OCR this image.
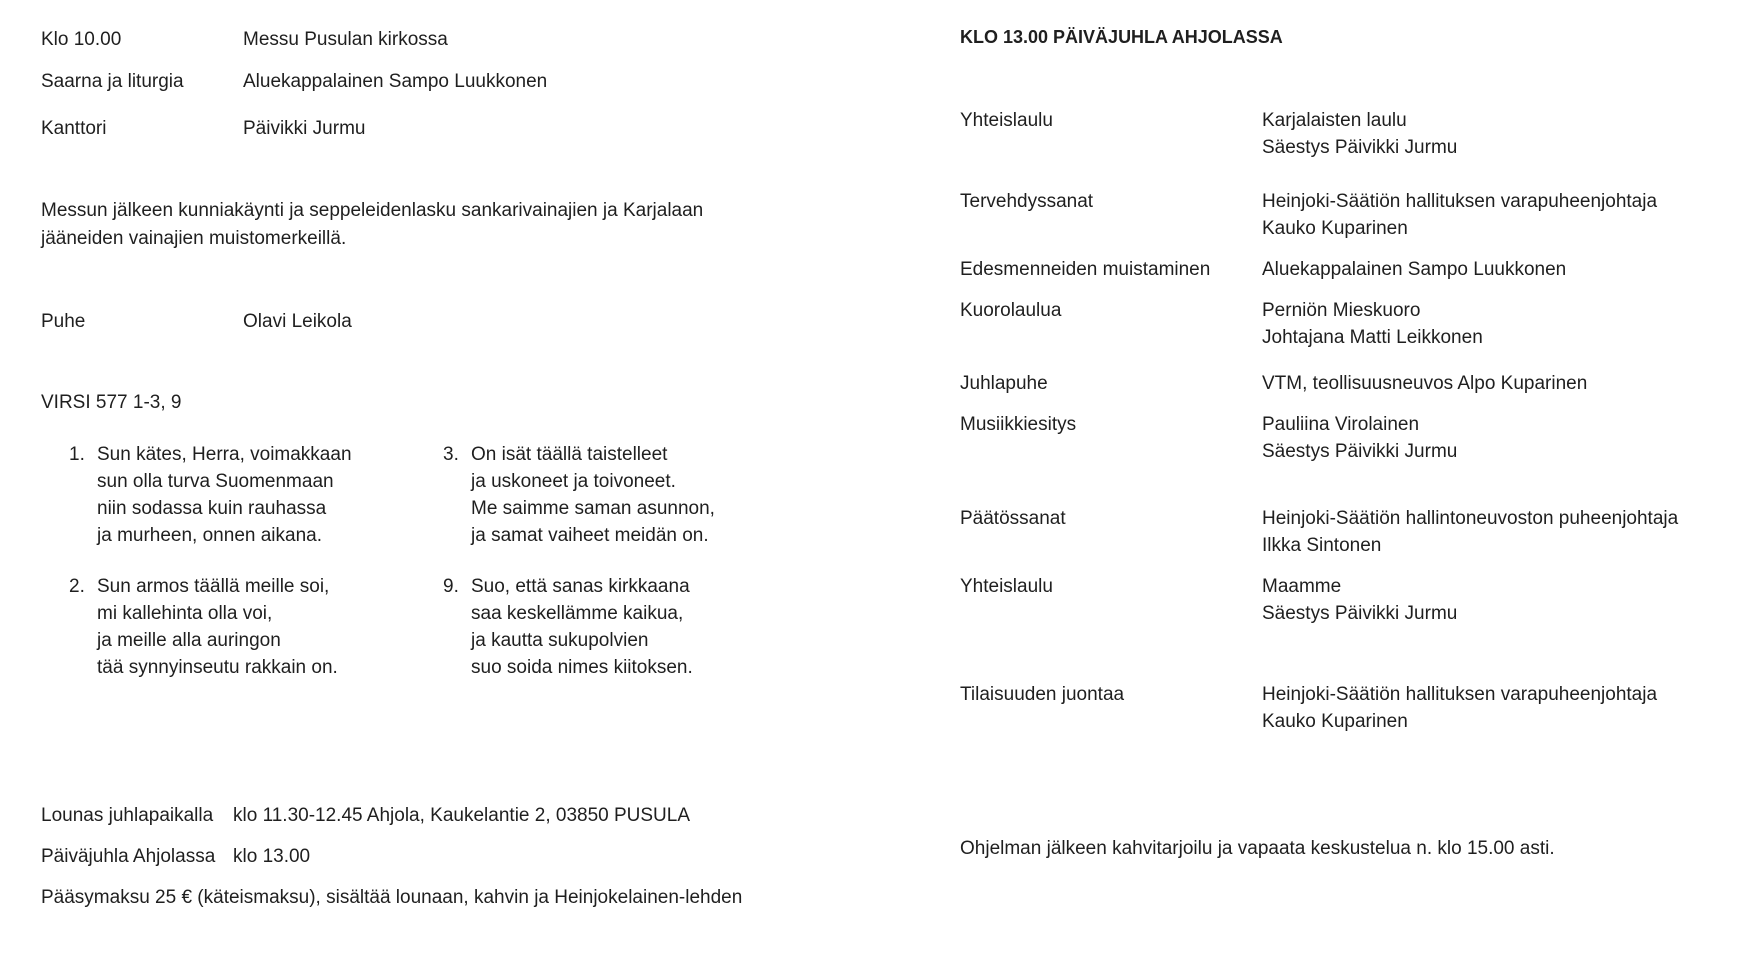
Klo 10.00	Messu Pusulan kirkossa
Saarna ja liturgia	Aluekappalainen Sampo Luukkonen
Kanttori	Päivikki Jurmu
Messun jälkeen kunniakäynti ja seppeleidenlasku sankarivainajien ja Karjalaan
jääneiden vainajien muistomerkeillä.
Puhe	Olavi Leikola
VIRSI 577 1-3, 9
1. Sun kätes, Herra, voimakkaan
sun olla turva Suomenmaan
niin sodassa kuin rauhassa
ja murheen, onnen aikana.
3. On isät täällä taistelleet
ja uskoneet ja toivoneet.
Me saimme saman asunnon,
ja samat vaiheet meidän on.
2. Sun armos täällä meille soi,
mi kallehinta olla voi,
ja meille alla auringon
tää synnyinseutu rakkain on.
9. Suo, että sanas kirkkaana
saa keskellämme kaikua,
ja kautta sukupolvien
suo soida nimes kiitoksen.
Lounas juhlapaikalla klo 11.30-12.45 Ahjola, Kaukelantie 2, 03850 PUSULA
Päiväjuhla Ahjolassa klo 13.00
Pääsymaksu 25 € (käteismaksu), sisältää lounaan, kahvin ja Heinjokelainen-lehden
KLO 13.00 PÄIVÄJUHLA AHJOLASSA
Yhteislaulu	Karjalaisten laulu
Säestys Päivikki Jurmu
Tervehdyssanat	Heinjoki-Säätiön hallituksen varapuheenjohtaja
Kauko Kuparinen
Edesmenneiden muistaminen	Aluekappalainen Sampo Luukkonen
Kuorolaulua	Perniön Mieskuoro
Johtajana Matti Leikkonen
Juhlapuhe	VTM, teollisuusneuvos Alpo Kuparinen
Musiikkiesitys	Pauliina Virolainen
Säestys Päivikki Jurmu
Päätössanat	Heinjoki-Säätiön hallintoneuvoston puheenjohtaja
Ilkka Sintonen
Yhteislaulu	Maamme
Säestys Päivikki Jurmu
Tilaisuuden juontaa	Heinjoki-Säätiön hallituksen varapuheenjohtaja
Kauko Kuparinen
Ohjelman jälkeen kahvitarjoilu ja vapaata keskustelua n. klo 15.00 asti.
